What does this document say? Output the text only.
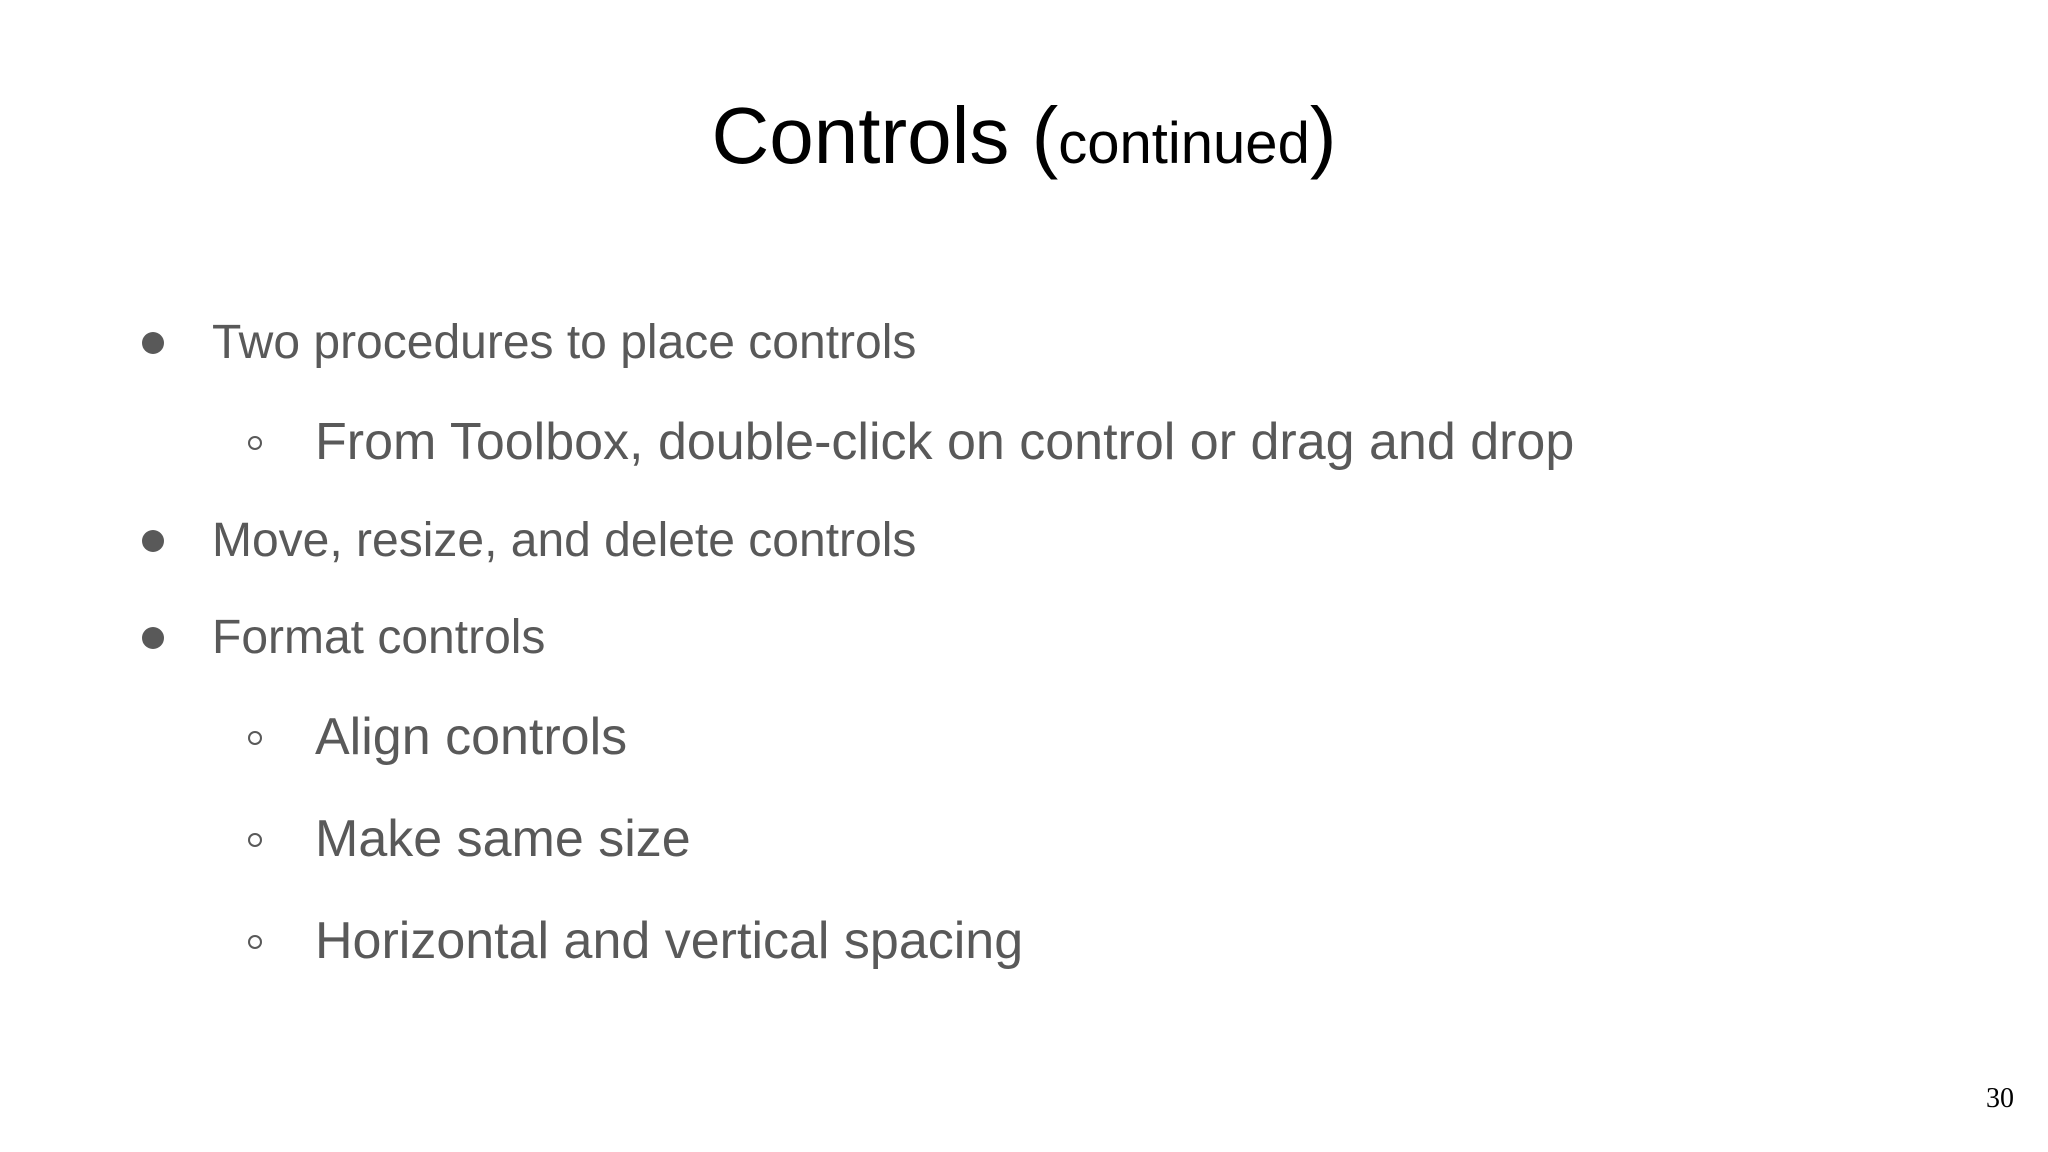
Controls (continued)
Two procedures to place controls
From Toolbox, double-click on control or drag and drop
Move, resize, and delete controls
Format controls
Align controls
Make same size
Horizontal and vertical spacing
30
